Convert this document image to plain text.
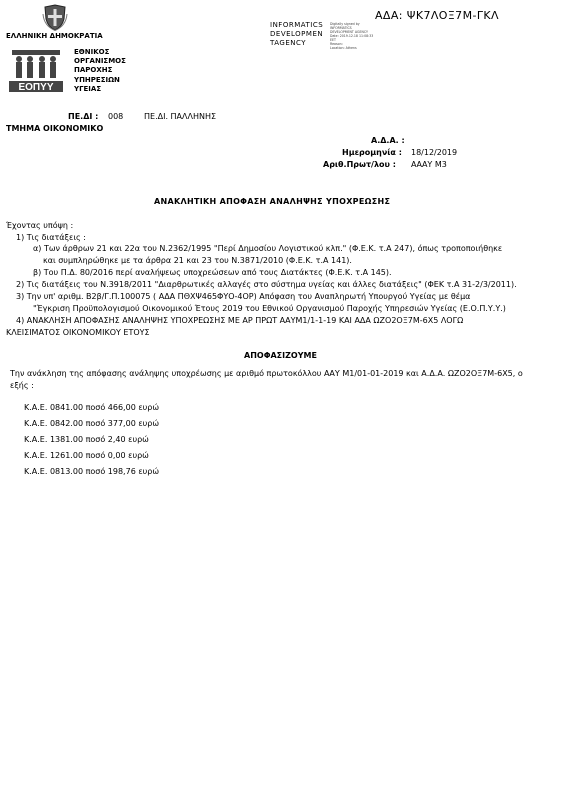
ΕΛΛΗΝΙΚΗ ΔΗΜΟΚΡΑΤΙΑ
ΕΟΠΥΥ
ΕΘΝΙΚΟΣ
ΟΡΓΑΝΙΣΜΟΣ
ΠΑΡΟΧΗΣ
ΥΠΗΡΕΣΙΩΝ
ΥΓΕΙΑΣ
INFORMATICS
DEVELOPMEN
TAGENCY
Digitally signed by
INFORMATICS
DEVELOPMENT AGENCY
Date: 2019.12.18 11:08:33
EET
Reason:
Location: Athens
ΑΔΑ: ΨΚ7ΛΟΞ7Μ-ΓΚΛ
ΠΕ.ΔΙ : 008	ΠΕ.ΔΙ. ΠΑΛΛΗΝΗΣ
ΤΜΗΜΑ ΟΙΚΟΝΟΜΙΚΟ
Α.Δ.Α. :
Ημερομηνία : 18/12/2019
Αριθ.Πρωτ/λου : ΑΑΑΥ Μ3
ΑΝΑΚΛΗΤΙΚΗ ΑΠΟΦΑΣΗ ΑΝΑΛΗΨΗΣ ΥΠΟΧΡΕΩΣΗΣ
Έχοντας υπόψη :
1) Τις διατάξεις :
α) Των άρθρων 21 και 22α του Ν.2362/1995 "Περί Δημοσίου Λογιστικού κλπ." (Φ.Ε.Κ. τ.Α 247), όπως τροποποιήθηκε
και συμπληρώθηκε με τα άρθρα 21 και 23 του Ν.3871/2010 (Φ.Ε.Κ. τ.Α 141).
β) Του Π.Δ. 80/2016 περί αναλήψεως υποχρεώσεων από τους Διατάκτες (Φ.Ε.Κ. τ.Α 145).
2) Τις διατάξεις του Ν.3918/2011 "Διαρθρωτικές αλλαγές στο σύστημα υγείας και άλλες διατάξεις" (ΦΕΚ τ.Α 31-2/3/2011).
3) Την υπ' αριθμ. Β2β/Γ.Π.100075 ( ΑΔΑ ΠΘΧΨ465ΦΥΟ-4ΟΡ) Απόφαση του Αναπληρωτή Υπουργού Υγείας με θέμα
"Έγκριση Προϋπολογισμού Οικονομικού Έτους 2019 του Εθνικού Οργανισμού Παροχής Υπηρεσιών Υγείας (Ε.Ο.Π.Υ.Υ.)
4) ΑΝΑΚΛΗΣΗ ΑΠΟΦΑΣΗΣ ΑΝΑΛΗΨΗΣ ΥΠΟΧΡΕΩΣΗΣ ΜΕ ΑΡ ΠΡΩΤ ΑΑΥΜ1/1-1-19 ΚΑΙ ΑΔΑ ΩΖΟ2ΟΞ7Μ-6Χ5 ΛΟΓΩ
ΚΛΕΙΣΙΜΑΤΟΣ ΟΙΚΟΝΟΜΙΚΟΥ ΕΤΟΥΣ
ΑΠΟΦΑΣΙΖΟΥΜΕ
Την ανάκληση της απόφασης ανάληψης υποχρέωσης με αριθμό πρωτοκόλλου ΑΑΥ Μ1/01-01-2019 και Α.Δ.Α. ΩΖΟ2ΟΞ7Μ-6Χ5, ο
εξής :
Κ.Α.Ε. 0841.00 ποσό 466,00 ευρώ
Κ.Α.Ε. 0842.00 ποσό 377,00 ευρώ
Κ.Α.Ε. 1381.00 ποσό 2,40 ευρώ
Κ.Α.Ε. 1261.00 ποσό 0,00 ευρώ
Κ.Α.Ε. 0813.00 ποσό 198,76 ευρώ
